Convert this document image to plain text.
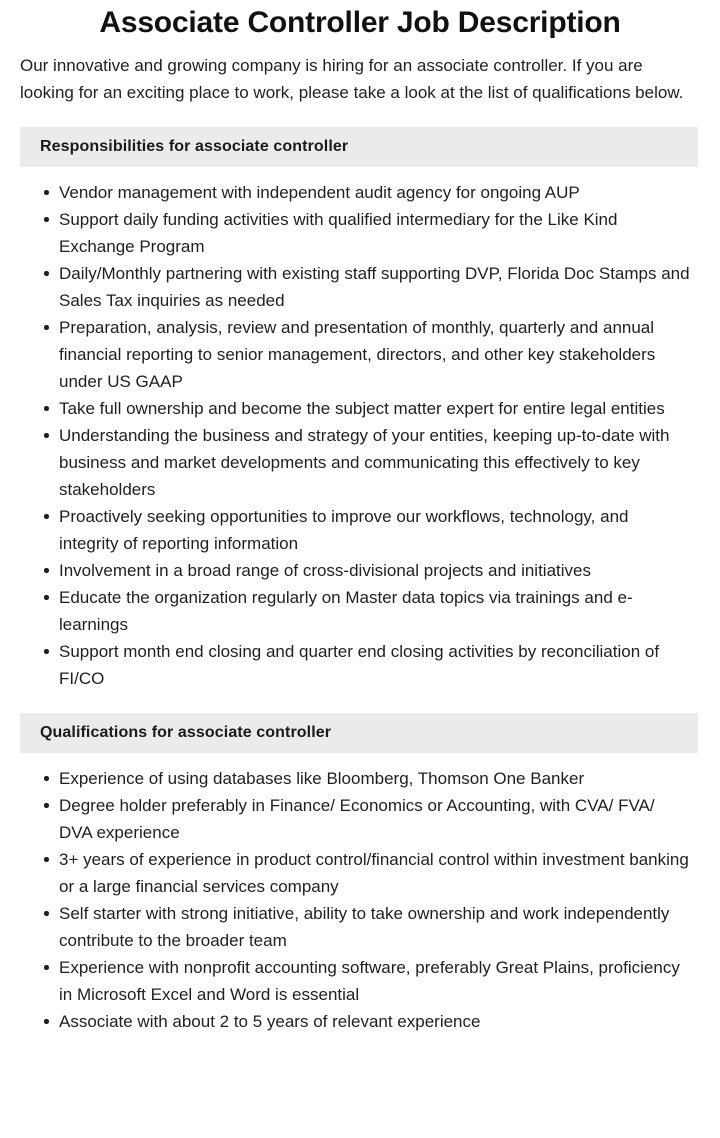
Associate Controller Job Description

Our innovative and growing company is hiring for an associate controller. If you are looking for an exciting place to work, please take a look at the list of qualifications below.

Responsibilities for associate controller
Vendor management with independent audit agency for ongoing AUP
Support daily funding activities with qualified intermediary for the Like Kind Exchange Program
Daily/Monthly partnering with existing staff supporting DVP, Florida Doc Stamps and Sales Tax inquiries as needed
Preparation, analysis, review and presentation of monthly, quarterly and annual financial reporting to senior management, directors, and other key stakeholders under US GAAP
Take full ownership and become the subject matter expert for entire legal entities
Understanding the business and strategy of your entities, keeping up-to-date with business and market developments and communicating this effectively to key stakeholders
Proactively seeking opportunities to improve our workflows, technology, and integrity of reporting information
Involvement in a broad range of cross-divisional projects and initiatives
Educate the organization regularly on Master data topics via trainings and e-learnings
Support month end closing and quarter end closing activities by reconciliation of FI/CO
Qualifications for associate controller
Experience of using databases like Bloomberg, Thomson One Banker
Degree holder preferably in Finance/ Economics or Accounting, with CVA/ FVA/ DVA experience
3+ years of experience in product control/financial control within investment banking or a large financial services company
Self starter with strong initiative, ability to take ownership and work independently contribute to the broader team
Experience with nonprofit accounting software, preferably Great Plains, proficiency in Microsoft Excel and Word is essential
Associate with about 2 to 5 years of relevant experience
